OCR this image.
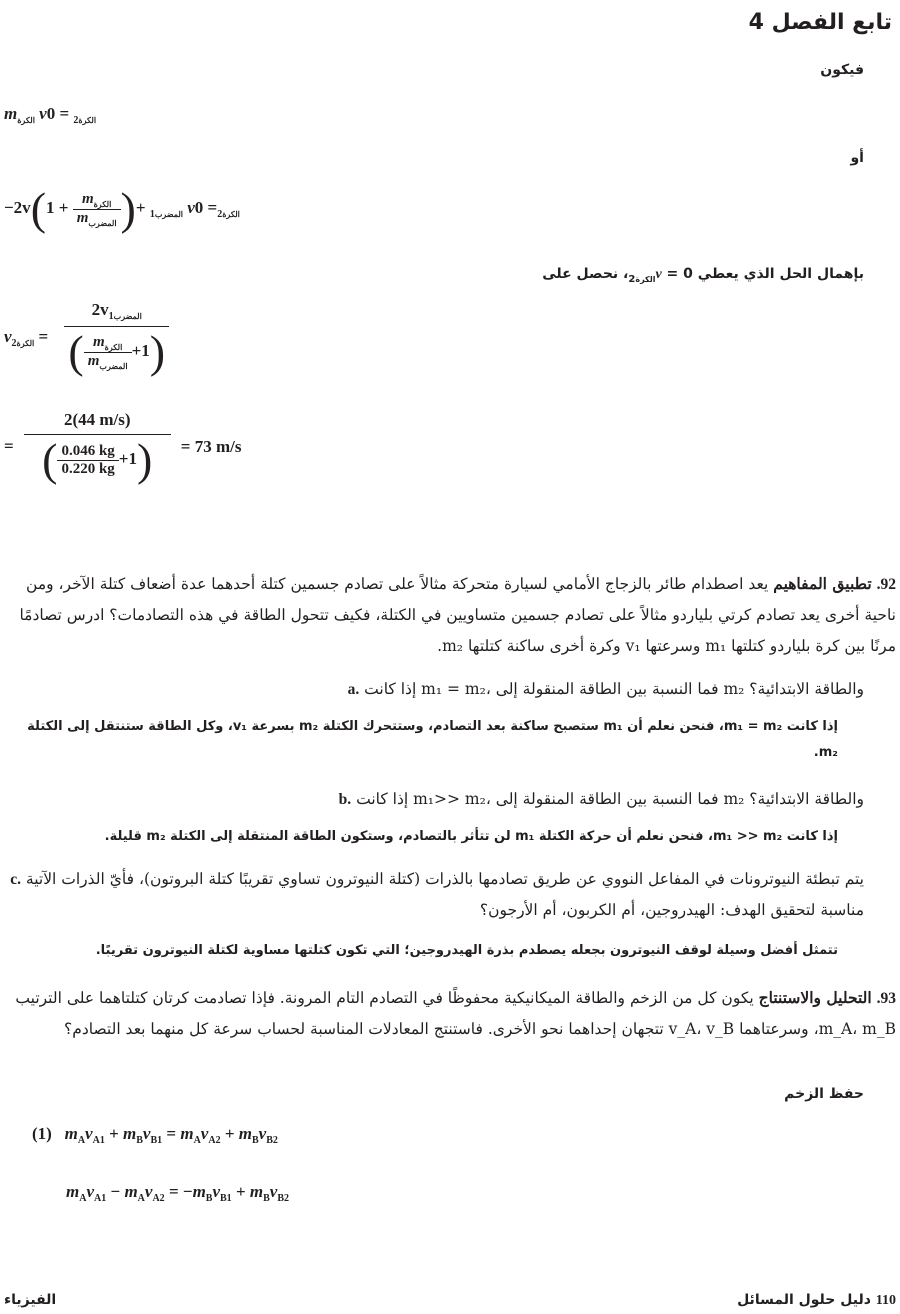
تابع الفصل 4
فيكون
$m_{الكرة}$ v	$_{الكرة2}$ = 0
أو
−2v	$_{المضرب1}$ +(
$\frac{m_{الكرة}}{m_{المضرب}}$
+ 1)	v	$_{الكرة2}$= 0
بإهمال الحل الذي يعطي $0 = v_{الكرة2}،$ نحصل على
v $_{الكرة2} = \frac{2v _{المضرب1}}{( \frac{m_{الكرة}}{m_{المضرب}} +1)}$
= $\frac{2(44 m/s)}{( \frac{0.046 kg}{0.220 kg} +1)} = 73$ m/s
92. تطبيق المفاهيم يعد اصطدام طائر بالزجاج الأمامي لسيارة متحركة مثالاً على تصادم جسمين كتلة أحدهما عدة أضعاف كتلة الآخر، ومن ناحية أخرى يعد تصادم كرتي بلياردو مثالاً على تصادم جسمين متساويين في الكتلة، فكيف تتحول الطاقة في هذه التصادمات؟ ادرس تصادمًا مرنًا بين كرة بلياردو كتلتها m₁ وسرعتها v₁ وكرة أخرى ساكنة كتلتها m₂.
a. إذا كانت m₁ = m₂، فما النسبة بين الطاقة المنقولة إلى m₂ والطاقة الابتدائية؟
إذا كانت m₁ = m₂، فنحن نعلم أن m₁ ستصبح ساكنة بعد التصادم، وستتحرك الكتلة m₂ بسرعة v₁، وكل الطاقة ستنتقل إلى الكتلة m₂.
b. إذا كانت m₁>> m₂، فما النسبة بين الطاقة المنقولة إلى m₂ والطاقة الابتدائية؟
إذا كانت m₁ >> m₂، فنحن نعلم أن حركة الكتلة m₁ لن تتأثر بالتصادم، وستكون الطاقة المنتقلة إلى الكتلة m₂ قليلة.
c. يتم تبطئة النيوترونات في المفاعل النووي عن طريق تصادمها بالذرات (كتلة النيوترون تساوي تقريبًا كتلة البروتون)، فأيّ الذرات الآتية مناسبة لتحقيق الهدف: الهيدروجين، أم الكربون، أم الأرجون؟
تتمثل أفضل وسيلة لوقف النيوترون بجعله يصطدم بذرة الهيدروجين؛ التي تكون كتلتها مساوية لكتلة النيوترون تقريبًا.
93. التحليل والاستنتاج يكون كل من الزخم والطاقة الميكانيكية محفوظًا في التصادم التام المرونة. فإذا تصادمت كرتان كتلتاهما على الترتيب m_A، m_B، وسرعتاهما v_A، v_B تتجهان إحداهما نحو الأخرى. فاستنتج المعادلات المناسبة لحساب سرعة كل منهما بعد التصادم؟
حفظ الزخم
(1) $m_Av_{A1} + m_Bv_{B1} = m_Av_{A2} + m_Bv_{B2}$
$m_Av_{A1} - m_Av_{A2} = -m_Bv_{B1} + m_Bv_{B2}$
110 دليل حلول المسائل
الفيزياء
